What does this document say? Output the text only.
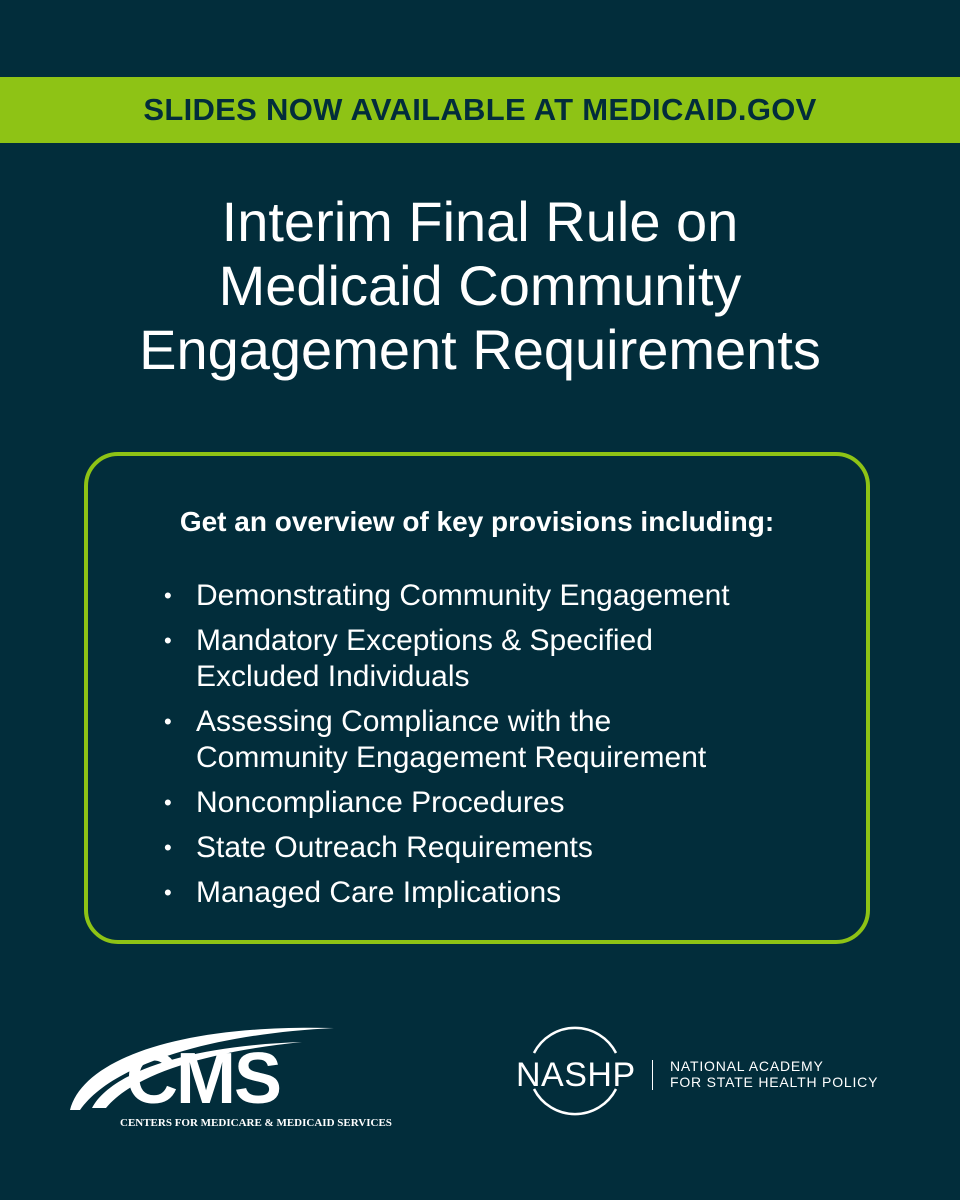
SLIDES NOW AVAILABLE AT MEDICAID.GOV
Interim Final Rule on
Medicaid Community
Engagement Requirements
Get an overview of key provisions including:
• Demonstrating Community Engagement
• Mandatory Exceptions & Specified
Excluded Individuals
• Assessing Compliance with the
Community Engagement Requirement
• Noncompliance Procedures
• State Outreach Requirements
• Managed Care Implications
CMS
CENTERS FOR MEDICARE & MEDICAID SERVICES
NASHP NATIONAL ACADEMY
FOR STATE HEALTH POLICY
